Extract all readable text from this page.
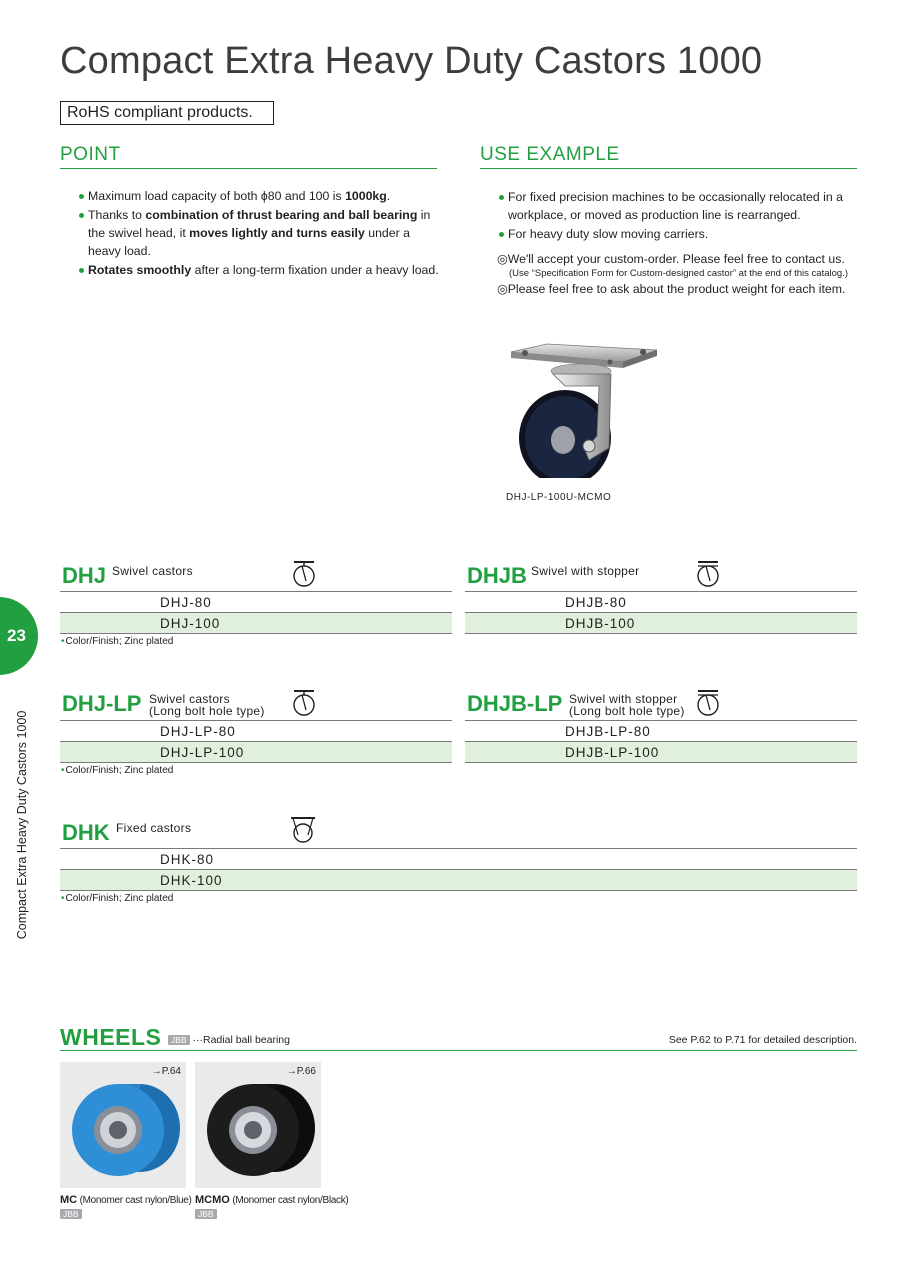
Compact Extra Heavy Duty Castors 1000
RoHS compliant products.
POINT
Maximum load capacity of both ϕ80 and 100 is 1000kg.
Thanks to combination of thrust bearing and ball bearing in the swivel head, it moves lightly and turns easily under a heavy load.
Rotates smoothly after a long-term fixation under a heavy load.
USE EXAMPLE
For fixed precision machines to be occasionally relocated in a workplace, or moved as production line is rearranged.
For heavy duty slow moving carriers.
◎We'll accept your custom-order. Please feel free to contact us.
(Use “Specification Form for Custom-designed castor” at the end of this catalog.)
◎Please feel free to ask about the product weight for each item.
DHJ-LP-100U-MCMO
23
Compact Extra Heavy Duty Castors 1000
DHJ Swivel castors
DHJ-80
DHJ-100
• Color/Finish; Zinc plated
DHJB Swivel with stopper
DHJB-80
DHJB-100
DHJ-LP Swivel castors
(Long bolt hole type)
DHJ-LP-80
DHJ-LP-100
• Color/Finish; Zinc plated
DHJB-LP Swivel with stopper
(Long bolt hole type)
DHJB-LP-80
DHJB-LP-100
DHK Fixed castors
DHK-80
DHK-100
• Color/Finish; Zinc plated
WHEELS	JBB ···Radial ball bearing	See P.62 to P.71 for detailed description.
→P.64
MC (Monomer cast nylon/Blue)
JBB
→P.66
MCMO (Monomer cast nylon/Black)
JBB
